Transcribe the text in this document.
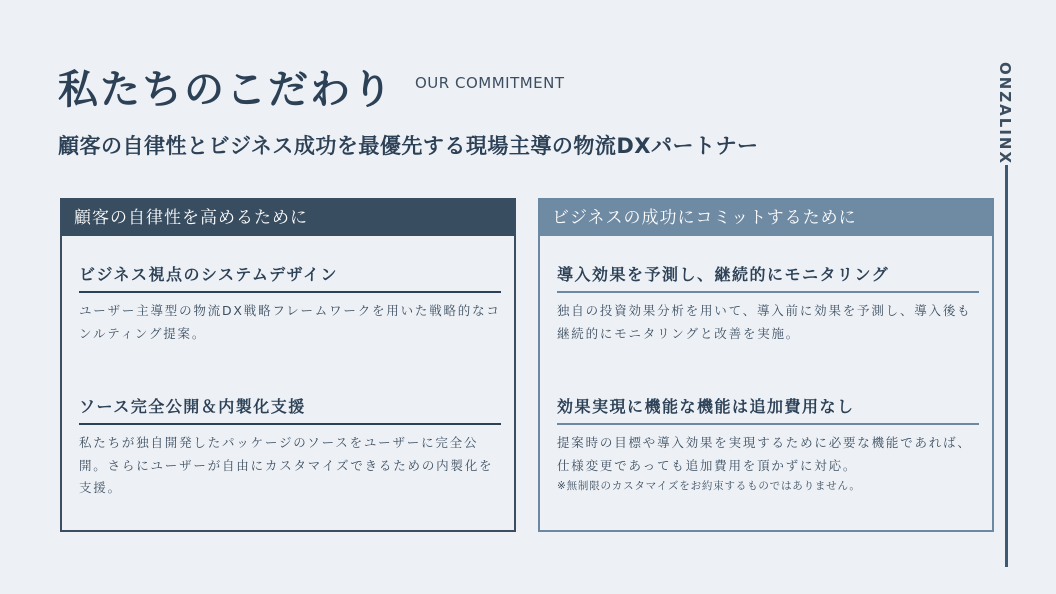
私たちのこだわり OUR COMMITMENT
顧客の自律性とビジネス成功を最優先する現場主導の物流DXパートナー	ONZALINX
顧客の自律性を高めるために
ビジネス視点のシステムデザイン
ユーザー主導型の物流DX戦略フレームワークを用いた戦略的なコンルティング提案。
ソース完全公開＆内製化支援
私たちが独自開発したパッケージのソースをユーザーに完全公開。さらにユーザーが自由にカスタマイズできるための内製化を支援。
ビジネスの成功にコミットするために
導入効果を予測し、継続的にモニタリング
独自の投資効果分析を用いて、導入前に効果を予測し、導入後も継続的にモニタリングと改善を実施。
効果実現に機能な機能は追加費用なし
提案時の目標や導入効果を実現するために必要な機能であれば、仕様変更であっても追加費用を頂かずに対応。
※無制限のカスタマイズをお約束するものではありません。
